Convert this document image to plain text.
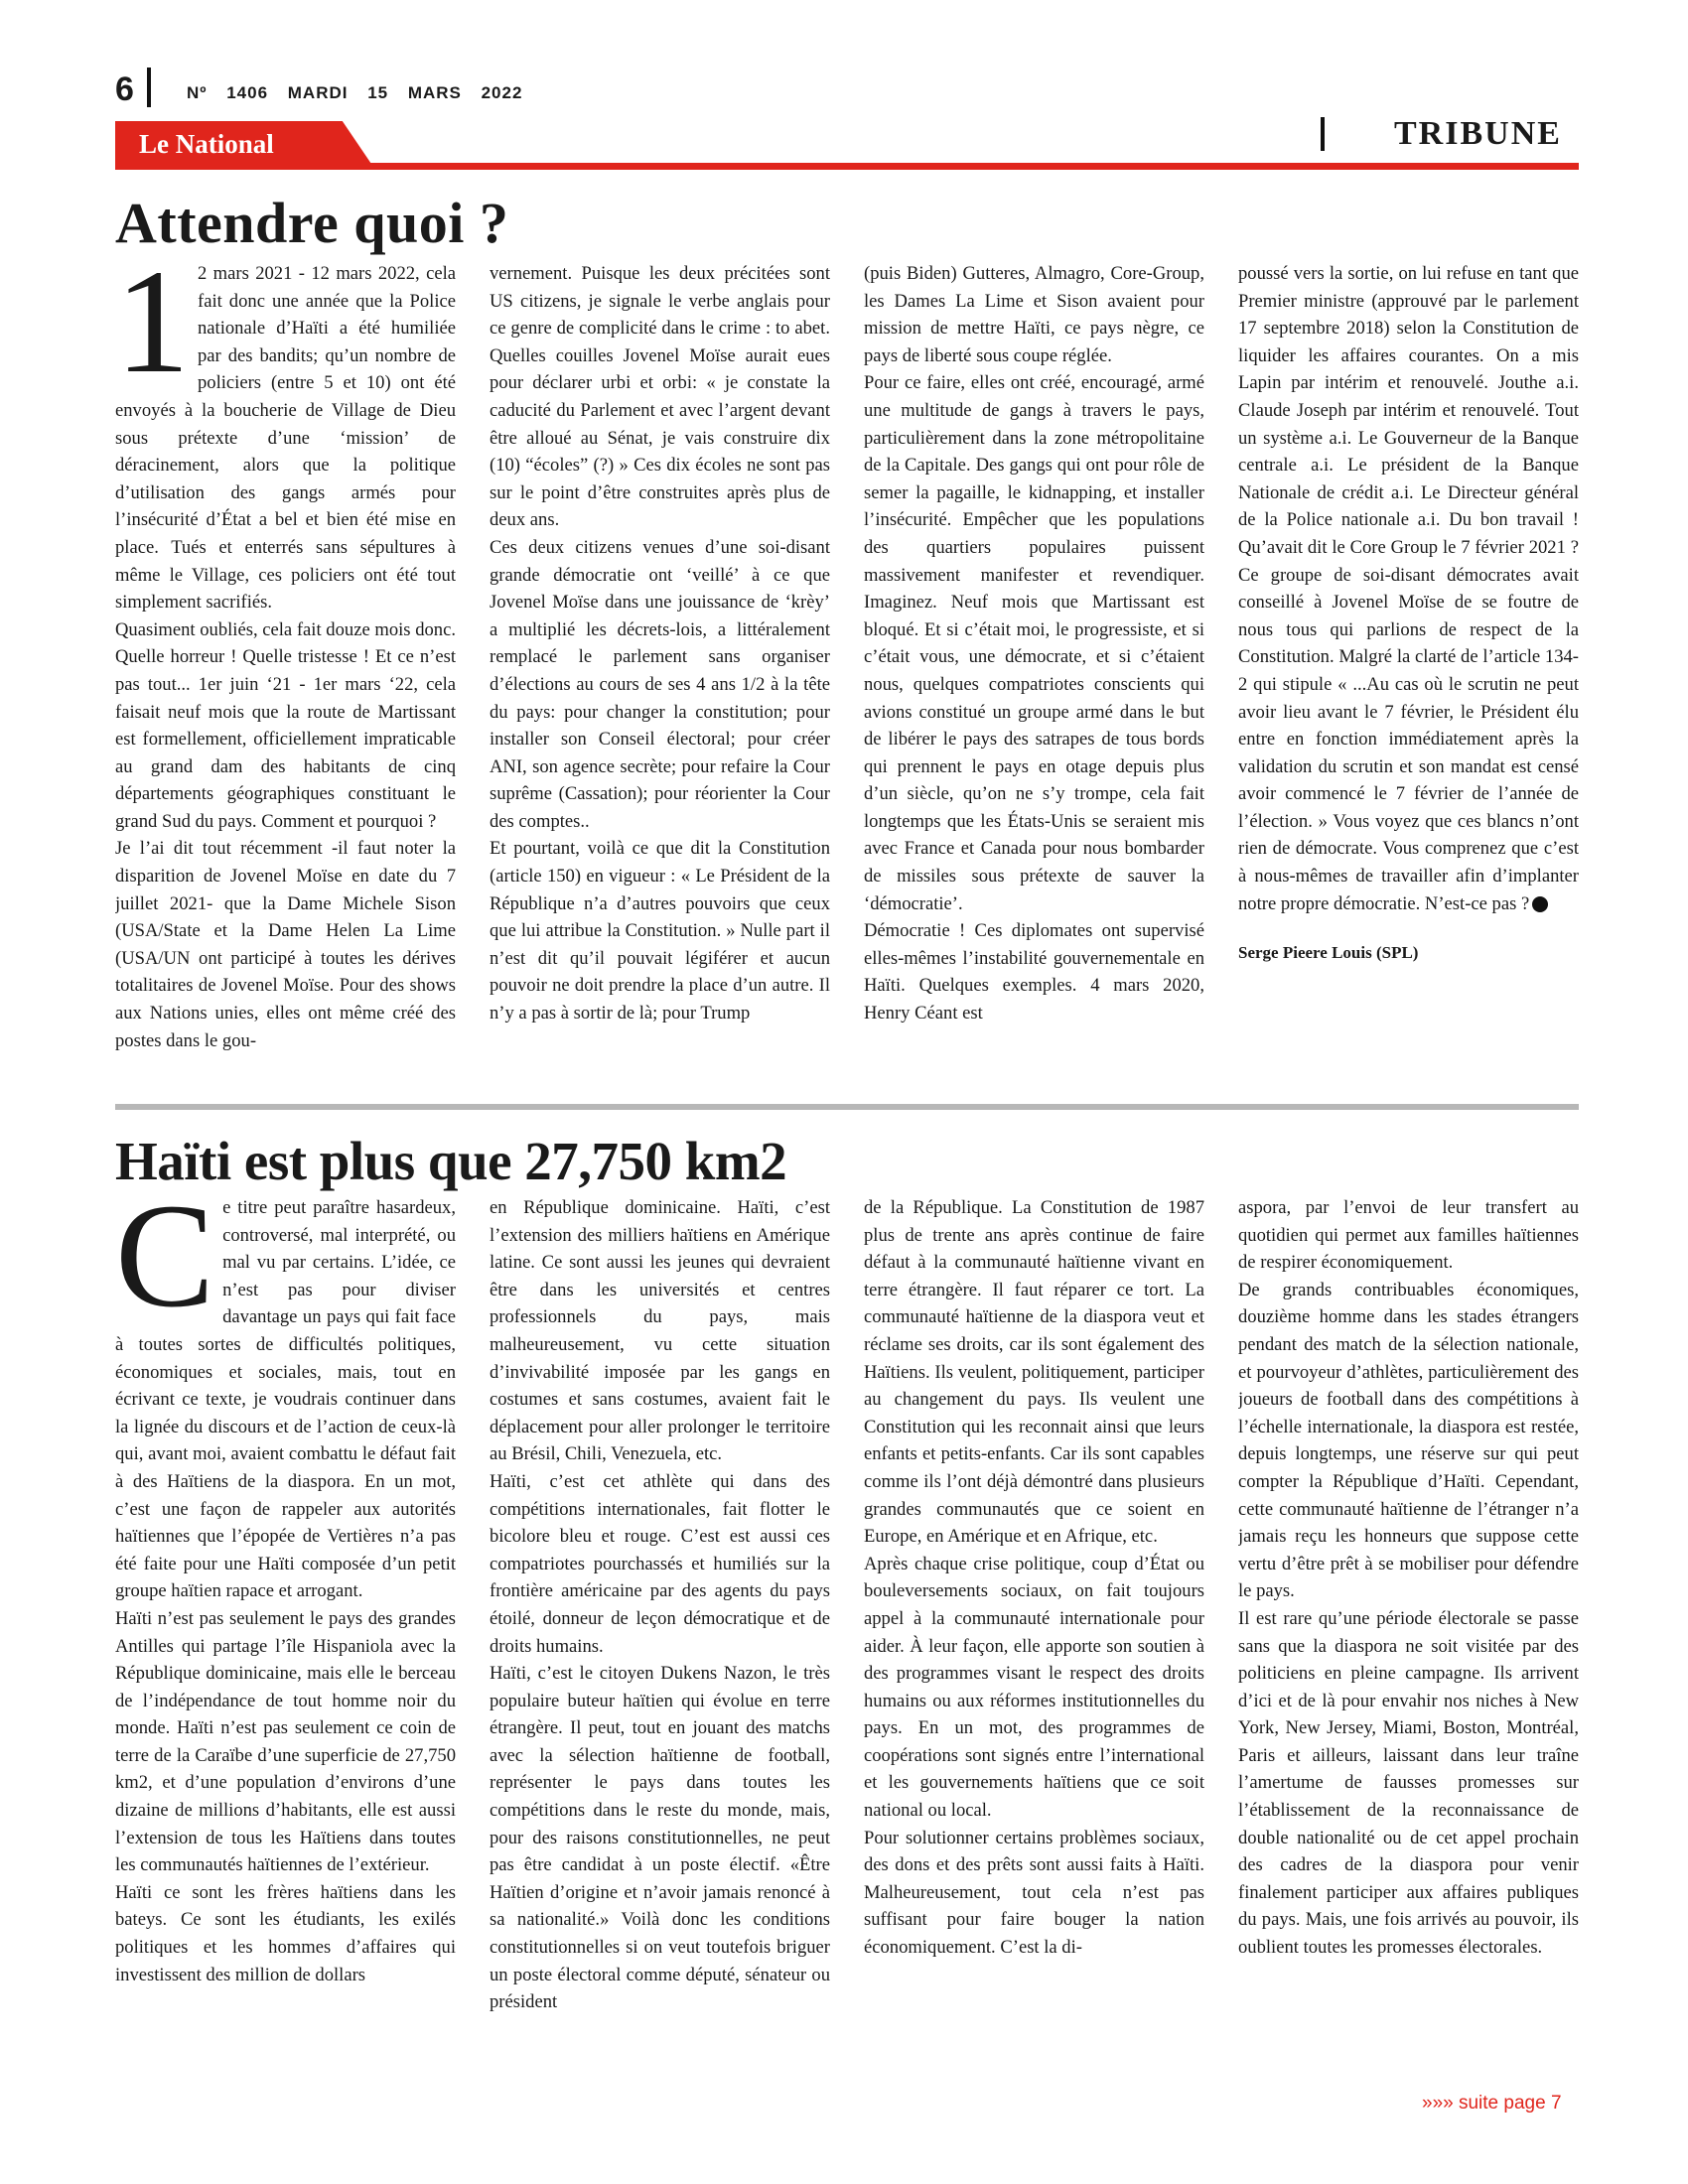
6	Nº 1406 MARDI 15 MARS 2022
Le National	TRIBUNE
Attendre quoi ?
1 2 mars 2021 - 12 mars 2022, cela fait donc une année que la Police nationale d’Haïti a été humiliée par des bandits; qu’un nombre de policiers (entre 5 et 10) ont été envoyés à la boucherie de Village de Dieu sous prétexte d’une ‘mission’ de déracinement, alors que la politique d’utilisation des gangs armés pour l’insécurité d’État a bel et bien été mise en place. Tués et enterrés sans sépultures à même le Village, ces policiers ont été tout simplement sacrifiés.

Quasiment oubliés, cela fait douze mois donc. Quelle horreur ! Quelle tristesse ! Et ce n’est pas tout... 1er juin ‘21 - 1er mars ‘22, cela faisait neuf mois que la route de Martissant est formellement, officiellement impraticable au grand dam des habitants de cinq départements géographiques constituant le grand Sud du pays. Comment et pourquoi ?

Je l’ai dit tout récemment -il faut noter la disparition de Jovenel Moïse en date du 7 juillet 2021- que la Dame Michele Sison (USA/State et la Dame Helen La Lime (USA/UN ont participé à toutes les dérives totalitaires de Jovenel Moïse. Pour des shows aux Nations unies, elles ont même créé des postes dans le gou-

vernement. Puisque les deux précitées sont US citizens, je signale le verbe anglais pour ce genre de complicité dans le crime : to abet. Quelles couilles Jovenel Moïse aurait eues pour déclarer urbi et orbi: « je constate la caducité du Parlement et avec l’argent devant être alloué au Sénat, je vais construire dix (10) “écoles” (?) » Ces dix écoles ne sont pas sur le point d’être construites après plus de deux ans.

Ces deux citizens venues d’une soi-disant grande démocratie ont ‘veillé’ à ce que Jovenel Moïse dans une jouissance de ‘krèy’ a multiplié les décrets-lois, a littéralement remplacé le parlement sans organiser d’élections au cours de ses 4 ans 1/2 à la tête du pays: pour changer la constitution; pour installer son Conseil électoral; pour créer ANI, son agence secrète; pour refaire la Cour suprême (Cassation); pour réorienter la Cour des comptes..

Et pourtant, voilà ce que dit la Constitution (article 150) en vigueur : « Le Président de la République n’a d’autres pouvoirs que ceux que lui attribue la Constitution. » Nulle part il n’est dit qu’il pouvait légiférer et aucun pouvoir ne doit prendre la place d’un autre. Il n’y a pas à sortir de là; pour Trump

(puis Biden) Gutteres, Almagro, Core-Group, les Dames La Lime et Sison avaient pour mission de mettre Haïti, ce pays nègre, ce pays de liberté sous coupe réglée.

Pour ce faire, elles ont créé, encouragé, armé une multitude de gangs à travers le pays, particulièrement dans la zone métropolitaine de la Capitale. Des gangs qui ont pour rôle de semer la pagaille, le kidnapping, et installer l’insécurité. Empêcher que les populations des quartiers populaires puissent massivement manifester et revendiquer. Imaginez. Neuf mois que Martissant est bloqué. Et si c’était moi, le progressiste, et si c’était vous, une démocrate, et si c’étaient nous, quelques compatriotes conscients qui avions constitué un groupe armé dans le but de libérer le pays des satrapes de tous bords qui prennent le pays en otage depuis plus d’un siècle, qu’on ne s’y trompe, cela fait longtemps que les États-Unis se seraient mis avec France et Canada pour nous bombarder de missiles sous prétexte de sauver la ‘démocratie’.

Démocratie ! Ces diplomates ont supervisé elles-mêmes l’instabilité gouvernementale en Haïti. Quelques exemples. 4 mars 2020, Henry Céant est

poussé vers la sortie, on lui refuse en tant que Premier ministre (approuvé par le parlement 17 septembre 2018) selon la Constitution de liquider les affaires courantes. On a mis Lapin par intérim et renouvelé. Jouthe a.i. Claude Joseph par intérim et renouvelé. Tout un système a.i. Le Gouverneur de la Banque centrale a.i. Le président de la Banque Nationale de crédit a.i. Le Directeur général de la Police nationale a.i. Du bon travail ! Qu’avait dit le Core Group le 7 février 2021 ? Ce groupe de soi-disant démocrates avait conseillé à Jovenel Moïse de se foutre de nous tous qui parlions de respect de la Constitution. Malgré la clarté de l’article 134-2 qui stipule « ...Au cas où le scrutin ne peut avoir lieu avant le 7 février, le Président élu entre en fonction immédiatement après la validation du scrutin et son mandat est censé avoir commencé le 7 février de l’année de l’élection. » Vous voyez que ces blancs n’ont rien de démocrate. Vous comprenez que c’est à nous-mêmes de travailler afin d’implanter notre propre démocratie. N’est-ce pas ?

Serge Pieere Louis (SPL)

Haïti est plus que 27,750 km2
C e titre peut paraître hasardeux, controversé, mal interprété, ou mal vu par certains. L’idée, ce n’est pas pour diviser davantage un pays qui fait face à toutes sortes de difficultés politiques, économiques et sociales, mais, tout en écrivant ce texte, je voudrais continuer dans la lignée du discours et de l’action de ceux-là qui, avant moi, avaient combattu le défaut fait à des Haïtiens de la diaspora. En un mot, c’est une façon de rappeler aux autorités haïtiennes que l’épopée de Vertières n’a pas été faite pour une Haïti composée d’un petit groupe haïtien rapace et arrogant.

Haïti n’est pas seulement le pays des grandes Antilles qui partage l’île Hispaniola avec la République dominicaine, mais elle le berceau de l’indépendance de tout homme noir du monde. Haïti n’est pas seulement ce coin de terre de la Caraïbe d’une superficie de 27,750 km2, et d’une population d’environs d’une dizaine de millions d’habitants, elle est aussi l’extension de tous les Haïtiens dans toutes les communautés haïtiennes de l’extérieur.

Haïti ce sont les frères haïtiens dans les bateys. Ce sont les étudiants, les exilés politiques et les hommes d’affaires qui investissent des million de dollars

en République dominicaine. Haïti, c’est l’extension des milliers haïtiens en Amérique latine. Ce sont aussi les jeunes qui devraient être dans les universités et centres professionnels du pays, mais malheureusement, vu cette situation d’invivabilité imposée par les gangs en costumes et sans costumes, avaient fait le déplacement pour aller prolonger le territoire au Brésil, Chili, Venezuela, etc.

Haïti, c’est cet athlète qui dans des compétitions internationales, fait flotter le bicolore bleu et rouge. C’est est aussi ces compatriotes pourchassés et humiliés sur la frontière américaine par des agents du pays étoilé, donneur de leçon démocratique et de droits humains.

Haïti, c’est le citoyen Dukens Nazon, le très populaire buteur haïtien qui évolue en terre étrangère. Il peut, tout en jouant des matchs avec la sélection haïtienne de football, représenter le pays dans toutes les compétitions dans le reste du monde, mais, pour des raisons constitutionnelles, ne peut pas être candidat à un poste électif. «Être Haïtien d’origine et n’avoir jamais renoncé à sa nationalité.» Voilà donc les conditions constitutionnelles si on veut toutefois briguer un poste électoral comme député, sénateur ou président

de la République. La Constitution de 1987 plus de trente ans après continue de faire défaut à la communauté haïtienne vivant en terre étrangère. Il faut réparer ce tort. La communauté haïtienne de la diaspora veut et réclame ses droits, car ils sont également des Haïtiens. Ils veulent, politiquement, participer au changement du pays. Ils veulent une Constitution qui les reconnait ainsi que leurs enfants et petits-enfants. Car ils sont capables comme ils l’ont déjà démontré dans plusieurs grandes communautés que ce soient en Europe, en Amérique et en Afrique, etc.

Après chaque crise politique, coup d’État ou bouleversements sociaux, on fait toujours appel à la communauté internationale pour aider. À leur façon, elle apporte son soutien à des programmes visant le respect des droits humains ou aux réformes institutionnelles du pays. En un mot, des programmes de coopérations sont signés entre l’international et les gouvernements haïtiens que ce soit national ou local.

Pour solutionner certains problèmes sociaux, des dons et des prêts sont aussi faits à Haïti. Malheureusement, tout cela n’est pas suffisant pour faire bouger la nation économiquement. C’est la di-

aspora, par l’envoi de leur transfert au quotidien qui permet aux familles haïtiennes de respirer économiquement.

De grands contribuables économiques, douzième homme dans les stades étrangers pendant des match de la sélection nationale, et pourvoyeur d’athlètes, particulièrement des joueurs de football dans des compétitions à l’échelle internationale, la diaspora est restée, depuis longtemps, une réserve sur qui peut compter la République d’Haïti. Cependant, cette communauté haïtienne de l’étranger n’a jamais reçu les honneurs que suppose cette vertu d’être prêt à se mobiliser pour défendre le pays.

Il est rare qu’une période électorale se passe sans que la diaspora ne soit visitée par des politiciens en pleine campagne. Ils arrivent d’ici et de là pour envahir nos niches à New York, New Jersey, Miami, Boston, Montréal, Paris et ailleurs, laissant dans leur traîne l’amertume de fausses promesses sur l’établissement de la reconnaissance de double nationalité ou de cet appel prochain des cadres de la diaspora pour venir finalement participer aux affaires publiques du pays. Mais, une fois arrivés au pouvoir, ils oublient toutes les promesses électorales.

»»» suite page 7
